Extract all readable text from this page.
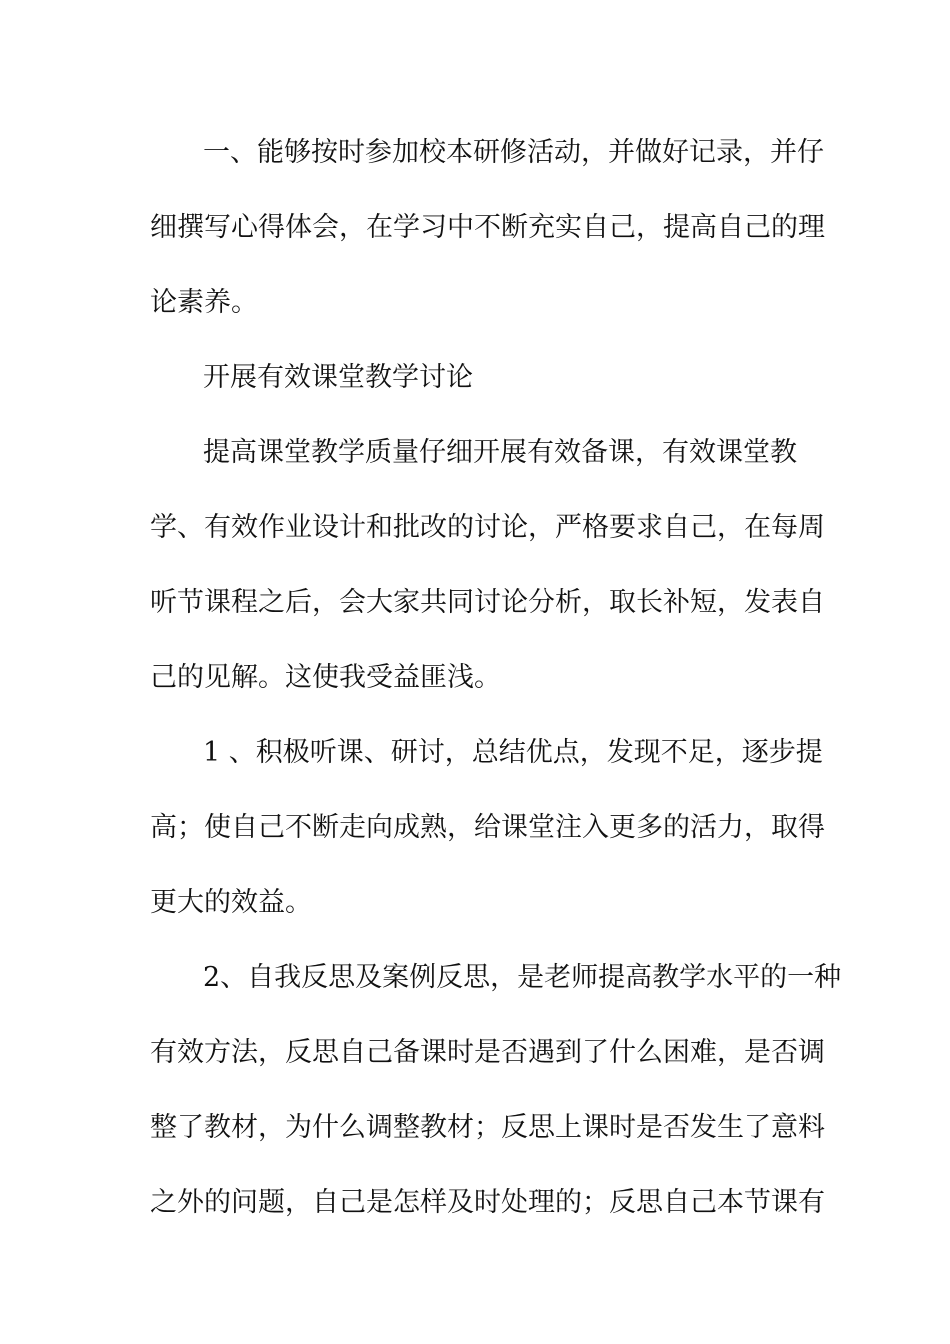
一、能够按时参加校本研修活动，并做好记录，并仔
细撰写心得体会，在学习中不断充实自己，提高自己的理
论素养。
开展有效课堂教学讨论
提高课堂教学质量仔细开展有效备课，有效课堂教
学、有效作业设计和批改的讨论，严格要求自己，在每周
听节课程之后，会大家共同讨论分析，取长补短，发表自
己的见解。这使我受益匪浅。
1 、积极听课、研讨，总结优点，发现不足，逐步提
高；使自己不断走向成熟，给课堂注入更多的活力，取得
更大的效益。
2、自我反思及案例反思，是老师提高教学水平的一种
有效方法，反思自己备课时是否遇到了什么困难，是否调
整了教材，为什么调整教材；反思上课时是否发生了意料
之外的问题，自己是怎样及时处理的；反思自己本节课有
